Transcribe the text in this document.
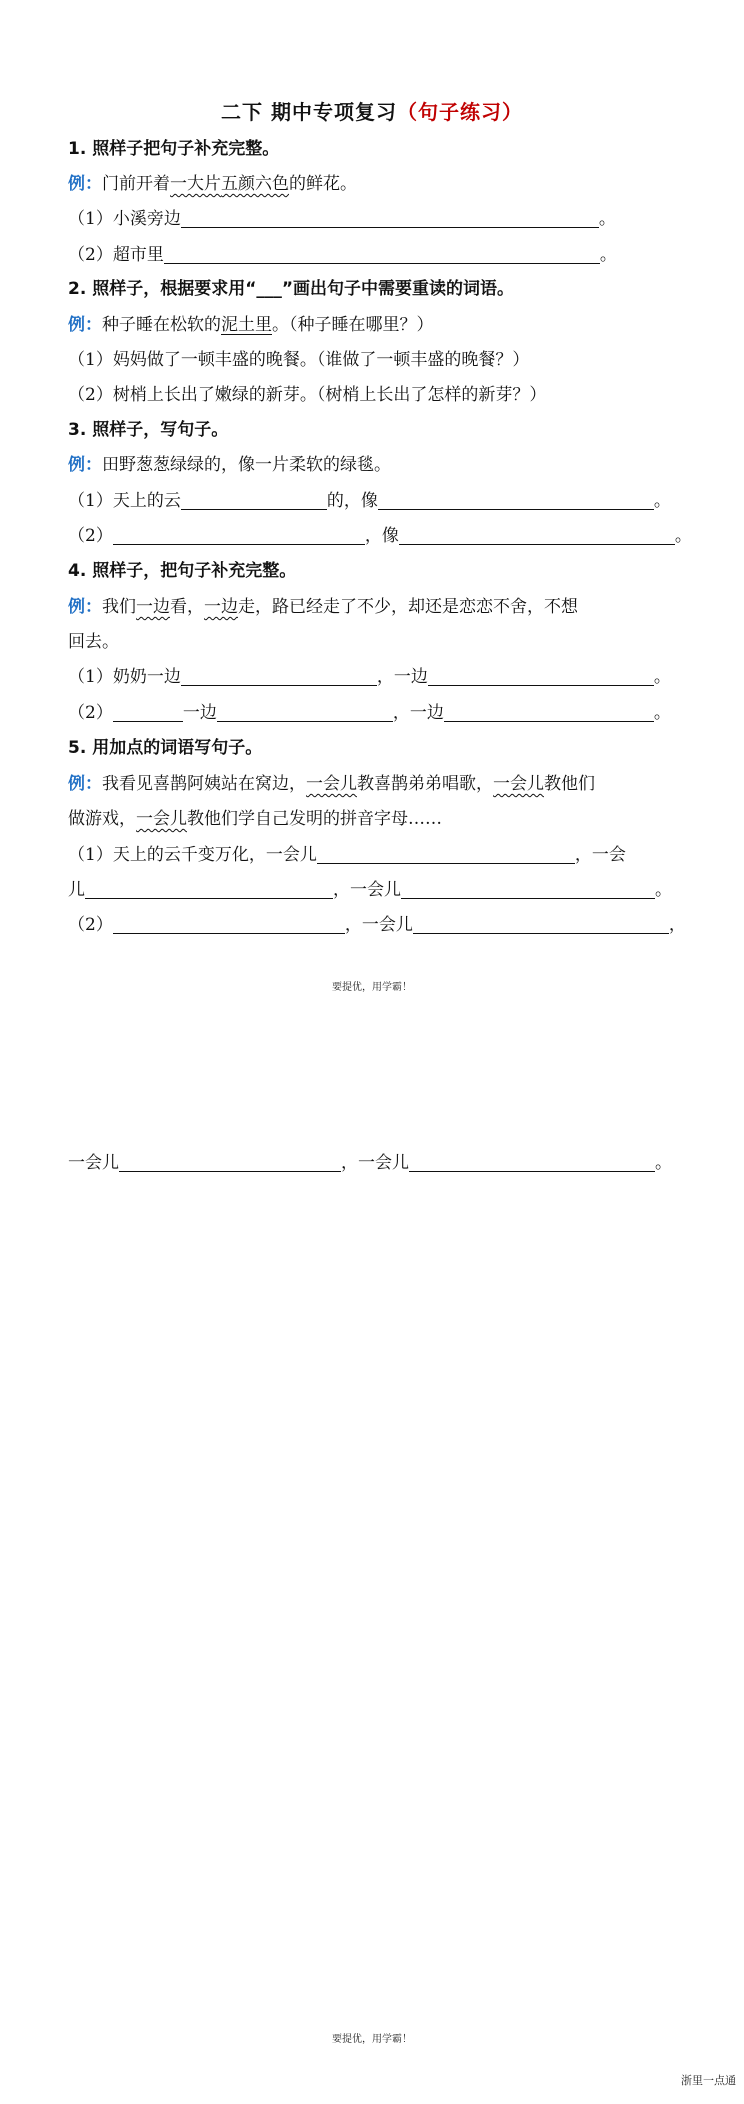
二下 期中专项复习（句子练习）
1. 照样子把句子补充完整。
例：门前开着一大片五颜六色的鲜花。
（1）小溪旁边	。
（2）超市里	。
2. 照样子，根据要求用“___”画出句子中需要重读的词语。
例：种子睡在松软的泥土里。（种子睡在哪里？）
（1）妈妈做了一顿丰盛的晚餐。（谁做了一顿丰盛的晚餐？）
（2）树梢上长出了嫩绿的新芽。（树梢上长出了怎样的新芽？）
3. 照样子，写句子。
例：田野葱葱绿绿的，像一片柔软的绿毯。
（1）天上的云	的，像	。
（2）	，像	。
4. 照样子，把句子补充完整。
例：我们一边看，一边走，路已经走了不少，却还是恋恋不舍，不想
回去。
（1）奶奶一边	，一边	。
（2）	一边	，一边	。
5. 用加点的词语写句子。
例：我看见喜鹊阿姨站在窝边，一会儿教喜鹊弟弟唱歌，一会儿教他们
做游戏，一会儿教他们学自己发明的拼音字母……
（1）天上的云千变万化，一会儿	，一会
儿	，一会儿	。
（2）	，一会儿	，
要提优，用学霸！
一会儿	，一会儿	。
要提优，用学霸！
浙里一点通
